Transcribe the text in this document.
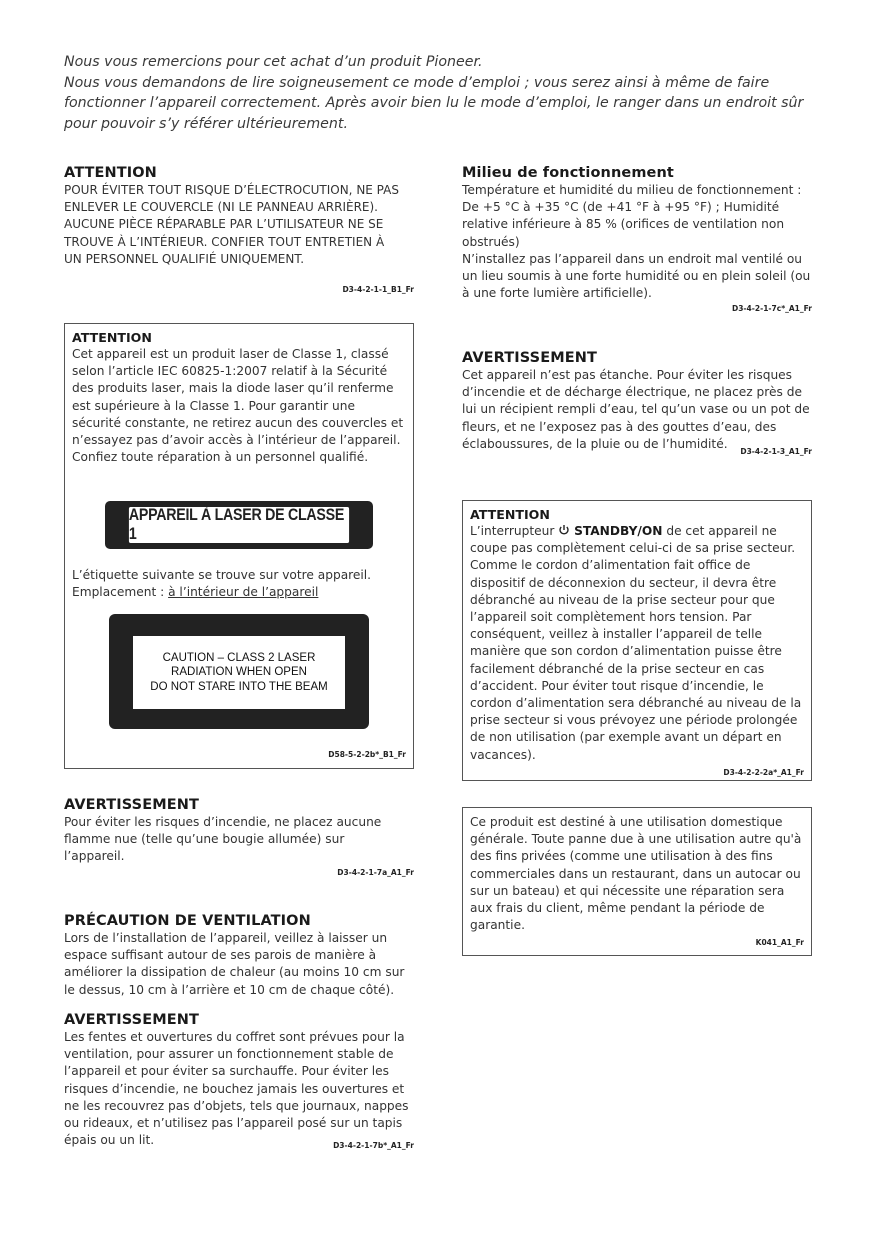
Nous vous remercions pour cet achat d’un produit Pioneer.

Nous vous demandons de lire soigneusement ce mode d’emploi ; vous serez ainsi à même de faire fonctionner l’appareil correctement. Après avoir bien lu le mode d’emploi, le ranger dans un endroit sûr pour pouvoir s’y référer ultérieurement.

ATTENTION
POUR ÉVITER TOUT RISQUE D’ÉLECTROCUTION, NE PAS ENLEVER LE COUVERCLE (NI LE PANNEAU ARRIÈRE). AUCUNE PIÈCE RÉPARABLE PAR L’UTILISATEUR NE SE TROUVE À L’INTÉRIEUR. CONFIER TOUT ENTRETIEN À UN PERSONNEL QUALIFIÉ UNIQUEMENT.
D3-4-2-1-1_B1_Fr
ATTENTION

Cet appareil est un produit laser de Classe 1, classé selon l’article IEC 60825-1:2007 relatif à la Sécurité des produits laser, mais la diode laser qu’il renferme est supérieure à la Classe 1. Pour garantir une sécurité constante, ne retirez aucun des couvercles et n’essayez pas d’avoir accès à l’intérieur de l’appareil.

Confiez toute réparation à un personnel qualifié.

APPAREIL À LASER DE CLASSE 1

L’étiquette suivante se trouve sur votre appareil.

Emplacement : à l’intérieur de l’appareil

CAUTION – CLASS 2 LASER
RADIATION WHEN OPEN
DO NOT STARE INTO THE BEAM
D58-5-2-2b*_B1_Fr
AVERTISSEMENT
Pour éviter les risques d’incendie, ne placez aucune flamme nue (telle qu’une bougie allumée) sur l’appareil.
D3-4-2-1-7a_A1_Fr
PRÉCAUTION DE VENTILATION
Lors de l’installation de l’appareil, veillez à laisser un espace suffisant autour de ses parois de manière à améliorer la dissipation de chaleur (au moins 10 cm sur le dessus, 10 cm à l’arrière et 10 cm de chaque côté).
AVERTISSEMENT
Les fentes et ouvertures du coffret sont prévues pour la ventilation, pour assurer un fonctionnement stable de l’appareil et pour éviter sa surchauffe. Pour éviter les risques d’incendie, ne bouchez jamais les ouvertures et ne les recouvrez pas d’objets, tels que journaux, nappes ou rideaux, et n’utilisez pas l’appareil posé sur un tapis épais ou un lit.	D3-4-2-1-7b*_A1_Fr
Milieu de fonctionnement

Température et humidité du milieu de fonctionnement : De +5 °C à +35 °C (de +41 °F à +95 °F) ; Humidité relative inférieure à 85 % (orifices de ventilation non obstrués)

N’installez pas l’appareil dans un endroit mal ventilé ou un lieu soumis à une forte humidité ou en plein soleil (ou à une forte lumière artificielle).

D3-4-2-1-7c*_A1_Fr
AVERTISSEMENT
Cet appareil n’est pas étanche. Pour éviter les risques d’incendie et de décharge électrique, ne placez près de lui un récipient rempli d’eau, tel qu’un vase ou un pot de fleurs, et ne l’exposez pas à des gouttes d’eau, des éclaboussures, de la pluie ou de l’humidité.
D3-4-2-1-3_A1_Fr
ATTENTION
L’interrupteur  STANDBY/ON de cet appareil ne coupe pas complètement celui-ci de sa prise secteur. Comme le cordon d’alimentation fait office de dispositif de déconnexion du secteur, il devra être débranché au niveau de la prise secteur pour que l’appareil soit complètement hors tension. Par conséquent, veillez à installer l’appareil de telle manière que son cordon d’alimentation puisse être facilement débranché de la prise secteur en cas d’accident. Pour éviter tout risque d’incendie, le cordon d’alimentation sera débranché au niveau de la prise secteur si vous prévoyez une période prolongée de non utilisation (par exemple avant un départ en vacances).
D3-4-2-2-2a*_A1_Fr
Ce produit est destiné à une utilisation domestique générale. Toute panne due à une utilisation autre qu'à des fins privées (comme une utilisation à des fins commerciales dans un restaurant, dans un autocar ou sur un bateau) et qui nécessite une réparation sera aux frais du client, même pendant la période de garantie.
K041_A1_Fr
